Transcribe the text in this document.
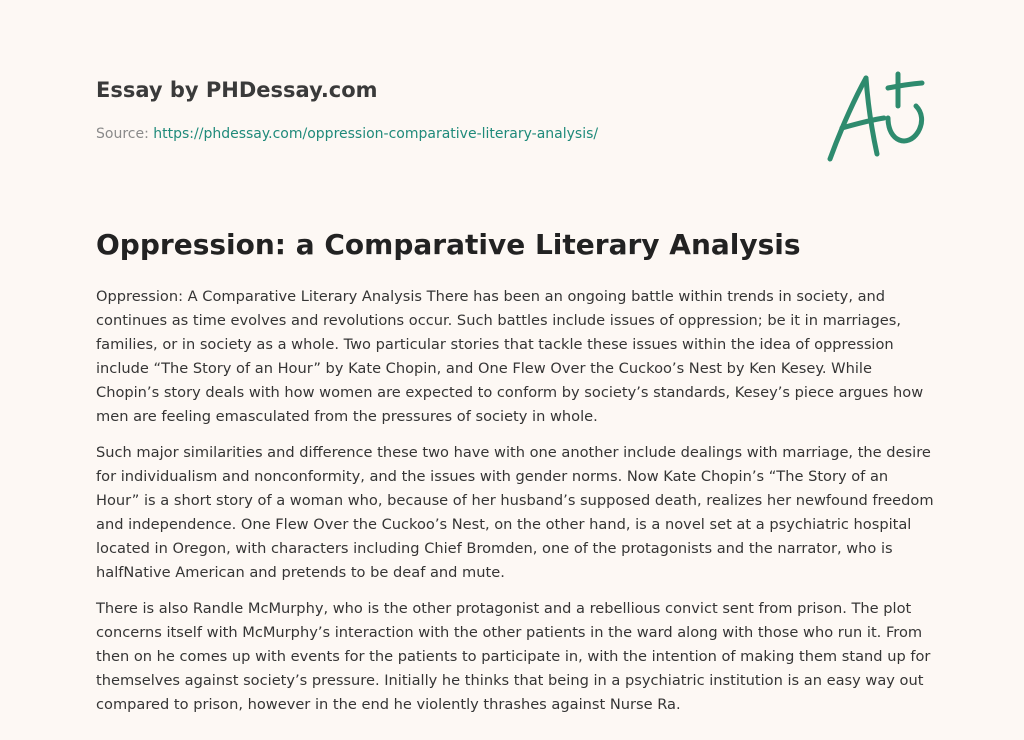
Essay by PHDessay.com
Source: https://phdessay.com/oppression-comparative-literary-analysis/
Oppression: a Comparative Literary Analysis

Oppression: A Comparative Literary Analysis There has been an ongoing battle within trends in society, and continues as time evolves and revolutions occur. Such battles include issues of oppression; be it in marriages, families, or in society as a whole. Two particular stories that tackle these issues within the idea of oppression include “The Story of an Hour” by Kate Chopin, and One Flew Over the Cuckoo’s Nest by Ken Kesey. While Chopin’s story deals with how women are expected to conform by society’s standards, Kesey’s piece argues how men are feeling emasculated from the pressures of society in whole.

Such major similarities and difference these two have with one another include dealings with marriage, the desire for individualism and nonconformity, and the issues with gender norms. Now Kate Chopin’s “The Story of an Hour” is a short story of a woman who, because of her husband’s supposed death, realizes her newfound freedom and independence. One Flew Over the Cuckoo’s Nest, on the other hand, is a novel set at a psychiatric hospital located in Oregon, with characters including Chief Bromden, one of the protagonists and the narrator, who is halfNative American and pretends to be deaf and mute.

There is also Randle McMurphy, who is the other protagonist and a rebellious convict sent from prison. The plot concerns itself with McMurphy’s interaction with the other patients in the ward along with those who run it. From then on he comes up with events for the patients to participate in, with the intention of making them stand up for themselves against society’s pressure. Initially he thinks that being in a psychiatric institution is an easy way out compared to prison, however in the end he violently thrashes against Nurse Ra.
